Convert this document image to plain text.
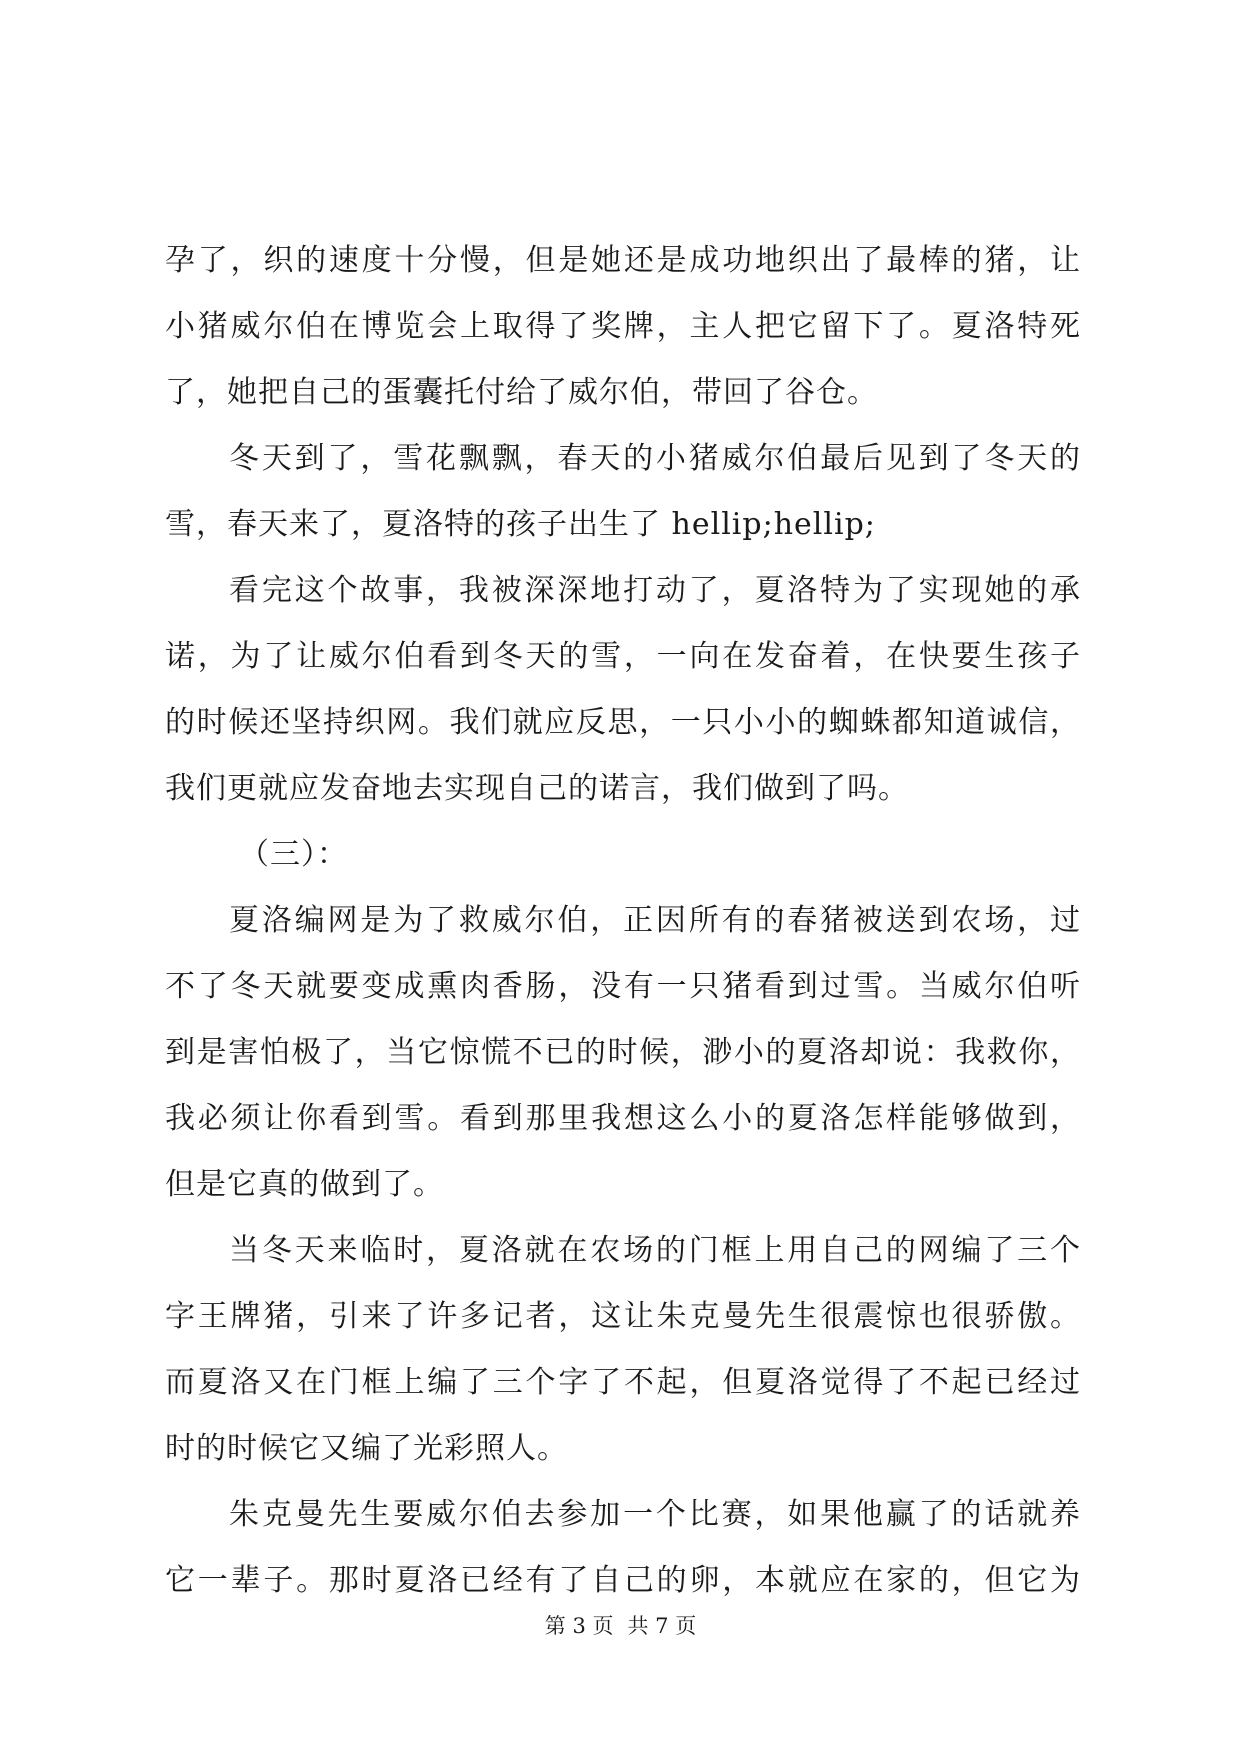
孕了，织的速度十分慢，但是她还是成功地织出了最棒的猪，让
小猪威尔伯在博览会上取得了奖牌，主人把它留下了。夏洛特死
了，她把自己的蛋囊托付给了威尔伯，带回了谷仓。
冬天到了，雪花飘飘，春天的小猪威尔伯最后见到了冬天的
雪，春天来了，夏洛特的孩子出生了 hellip;hellip;
看完这个故事，我被深深地打动了，夏洛特为了实现她的承
诺，为了让威尔伯看到冬天的雪，一向在发奋着，在快要生孩子
的时候还坚持织网。我们就应反思，一只小小的蜘蛛都知道诚信，
我们更就应发奋地去实现自己的诺言，我们做到了吗。
（三）：
夏洛编网是为了救威尔伯，正因所有的春猪被送到农场，过
不了冬天就要变成熏肉香肠，没有一只猪看到过雪。当威尔伯听
到是害怕极了，当它惊慌不已的时候，渺小的夏洛却说：我救你，
我必须让你看到雪。看到那里我想这么小的夏洛怎样能够做到，
但是它真的做到了。
当冬天来临时，夏洛就在农场的门框上用自己的网编了三个
字王牌猪，引来了许多记者，这让朱克曼先生很震惊也很骄傲。
而夏洛又在门框上编了三个字了不起，但夏洛觉得了不起已经过
时的时候它又编了光彩照人。
朱克曼先生要威尔伯去参加一个比赛，如果他赢了的话就养
它一辈子。那时夏洛已经有了自己的卵，本就应在家的，但它为
第 3 页 共 7 页
